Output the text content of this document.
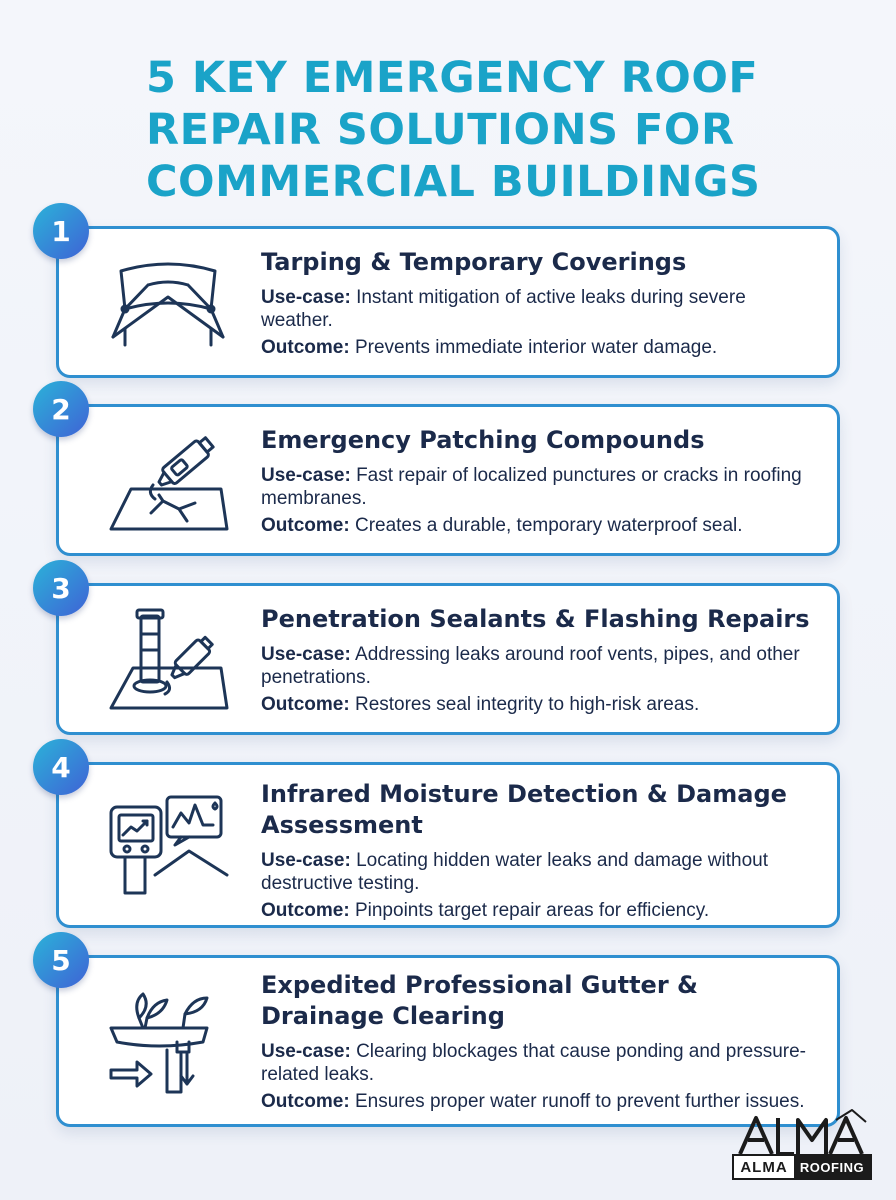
5 KEY EMERGENCY ROOF REPAIR SOLUTIONS FOR COMMERCIAL BUILDINGS
1
Tarping & Temporary Coverings
Use-case: Instant mitigation of active leaks during severe weather.
Outcome: Prevents immediate interior water damage.
2
Emergency Patching Compounds
Use-case: Fast repair of localized punctures or cracks in roofing membranes.
Outcome: Creates a durable, temporary waterproof seal.
3
Penetration Sealants & Flashing Repairs
Use-case: Addressing leaks around roof vents, pipes, and other penetrations.
Outcome: Restores seal integrity to high-risk areas.
4
Infrared Moisture Detection & Damage Assessment
Use-case: Locating hidden water leaks and damage without destructive testing.
Outcome: Pinpoints target repair areas for efficiency.
5
Expedited Professional Gutter & Drainage Clearing
Use-case: Clearing blockages that cause ponding and pressure-related leaks.
Outcome: Ensures proper water runoff to prevent further issues.
ALMA ROOFING
